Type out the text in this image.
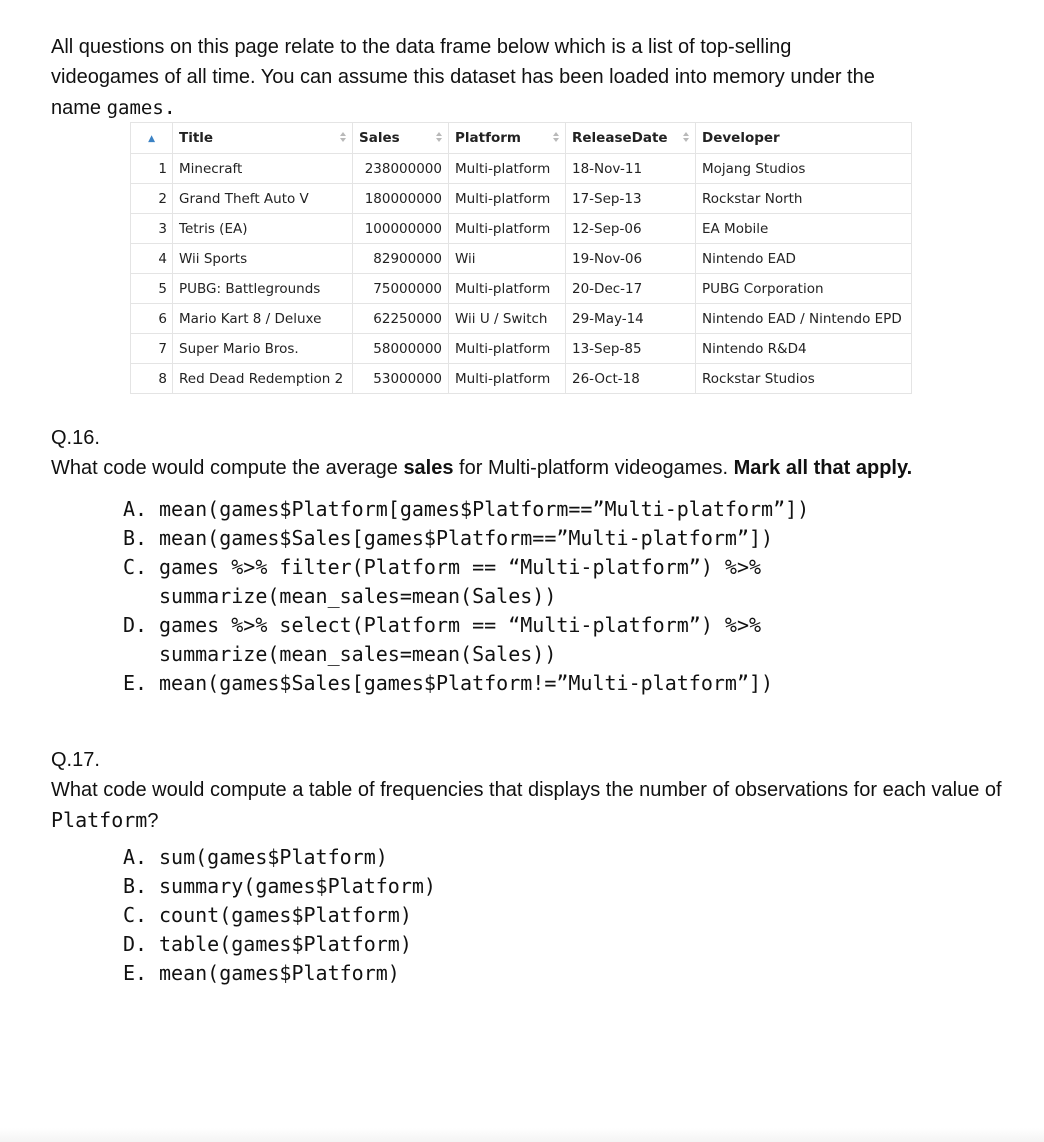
All questions on this page relate to the data frame below which is a list of top-selling
videogames of all time. You can assume this dataset has been loaded into memory under the
name games.

▲	Title	Sales	Platform	ReleaseDate	Developer
1	Minecraft	238000000	Multi-platform	18-Nov-11	Mojang Studios
2	Grand Theft Auto V	180000000	Multi-platform	17-Sep-13	Rockstar North
3	Tetris (EA)	100000000	Multi-platform	12-Sep-06	EA Mobile
4	Wii Sports	82900000	Wii	19-Nov-06	Nintendo EAD
5	PUBG: Battlegrounds	75000000	Multi-platform	20-Dec-17	PUBG Corporation
6	Mario Kart 8 / Deluxe	62250000	Wii U / Switch	29-May-14	Nintendo EAD / Nintendo EPD
7	Super Mario Bros.	58000000	Multi-platform	13-Sep-85	Nintendo R&D4
8	Red Dead Redemption 2	53000000	Multi-platform	26-Oct-18	Rockstar Studios
Q.16.
What code would compute the average sales for Multi-platform videogames. Mark all that apply.
A. mean(games$Platform[games$Platform==”Multi-platform”])
B. mean(games$Sales[games$Platform==”Multi-platform”])
C. games %>% filter(Platform == “Multi-platform”) %>% summarize(mean_sales=mean(Sales))
D. games %>% select(Platform == “Multi-platform”) %>% summarize(mean_sales=mean(Sales))
E. mean(games$Sales[games$Platform!=”Multi-platform”])
Q.17.
What code would compute a table of frequencies that displays the number of observations for each value of Platform?
A. sum(games$Platform)
B. summary(games$Platform)
C. count(games$Platform)
D. table(games$Platform)
E. mean(games$Platform)
